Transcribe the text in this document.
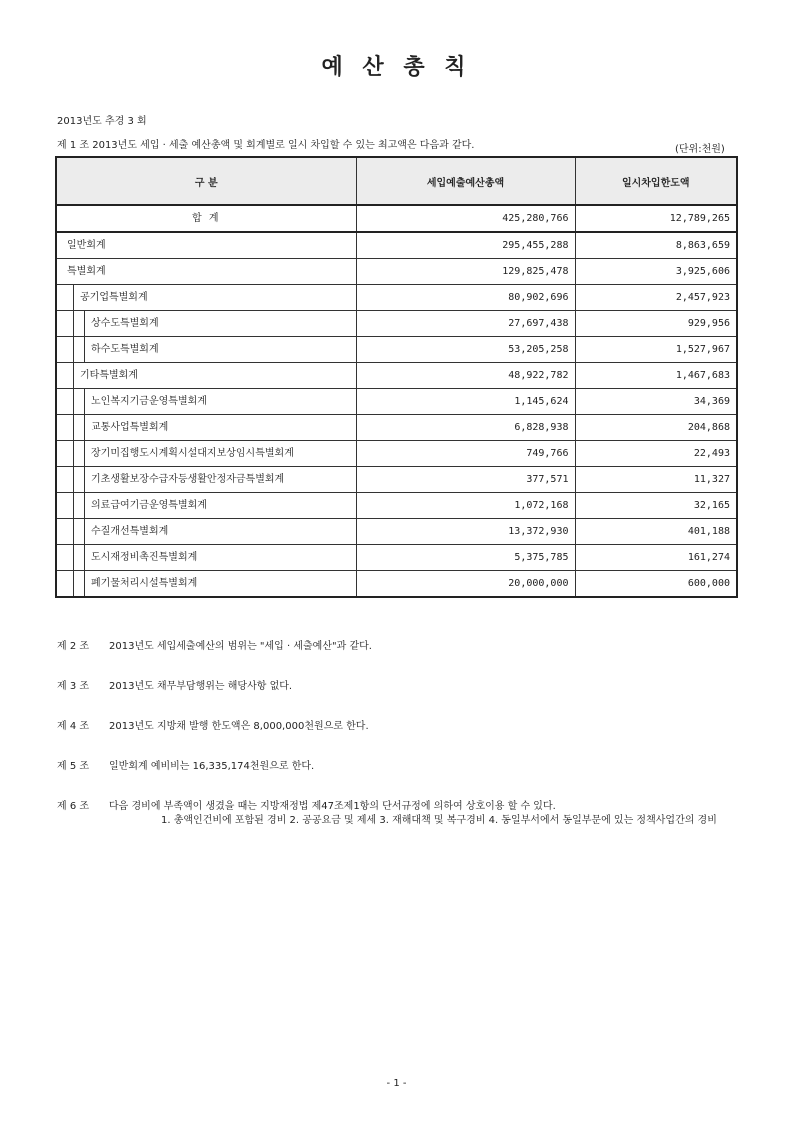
예 산 총 칙
2013년도 추경 3 회
제 1 조 2013년도 세입 · 세출 예산총액 및 회계별로 일시 차입할 수 있는 최고액은 다음과 같다.	(단위:천원)
구 분	세입예출예산총액	일시차입한도액

합 계	425,280,766	12,789,265

일반회계	295,455,288	8,863,659

특별회계	129,825,478	3,925,606

공기업특별회계	80,902,696	2,457,923

상수도특별회계	27,697,438	929,956

하수도특별회계	53,205,258	1,527,967

기타특별회계	48,922,782	1,467,683

노인복지기금운영특별회계	1,145,624	34,369

교통사업특별회계	6,828,938	204,868

장기미집행도시계획시설대지보상임시특별회계	749,766	22,493

기초생활보장수급자등생활안정자금특별회계	377,571	11,327

의료급여기금운영특별회계	1,072,168	32,165

수질개선특별회계	13,372,930	401,188

도시재정비촉진특별회계	5,375,785	161,274

폐기물처리시설특별회계	20,000,000	600,000
제 2 조	2013년도 세입세출예산의 범위는 "세입 · 세출예산"과 같다.
제 3 조	2013년도 채무부담행위는 해당사항 없다.
제 4 조	2013년도 지방채 발행 한도액은 8,000,000천원으로 한다.
제 5 조	일반회계 예비비는 16,335,174천원으로 한다.
제 6 조	다음 경비에 부족액이 생겼을 때는 지방재정법 제47조제1항의 단서규정에 의하여 상호이용 할 수 있다.
1. 총액인건비에 포함된 경비 2. 공공요금 및 제세 3. 재해대책 및 복구경비 4. 동일부서에서 동일부문에 있는 정책사업간의 경비
- 1 -
